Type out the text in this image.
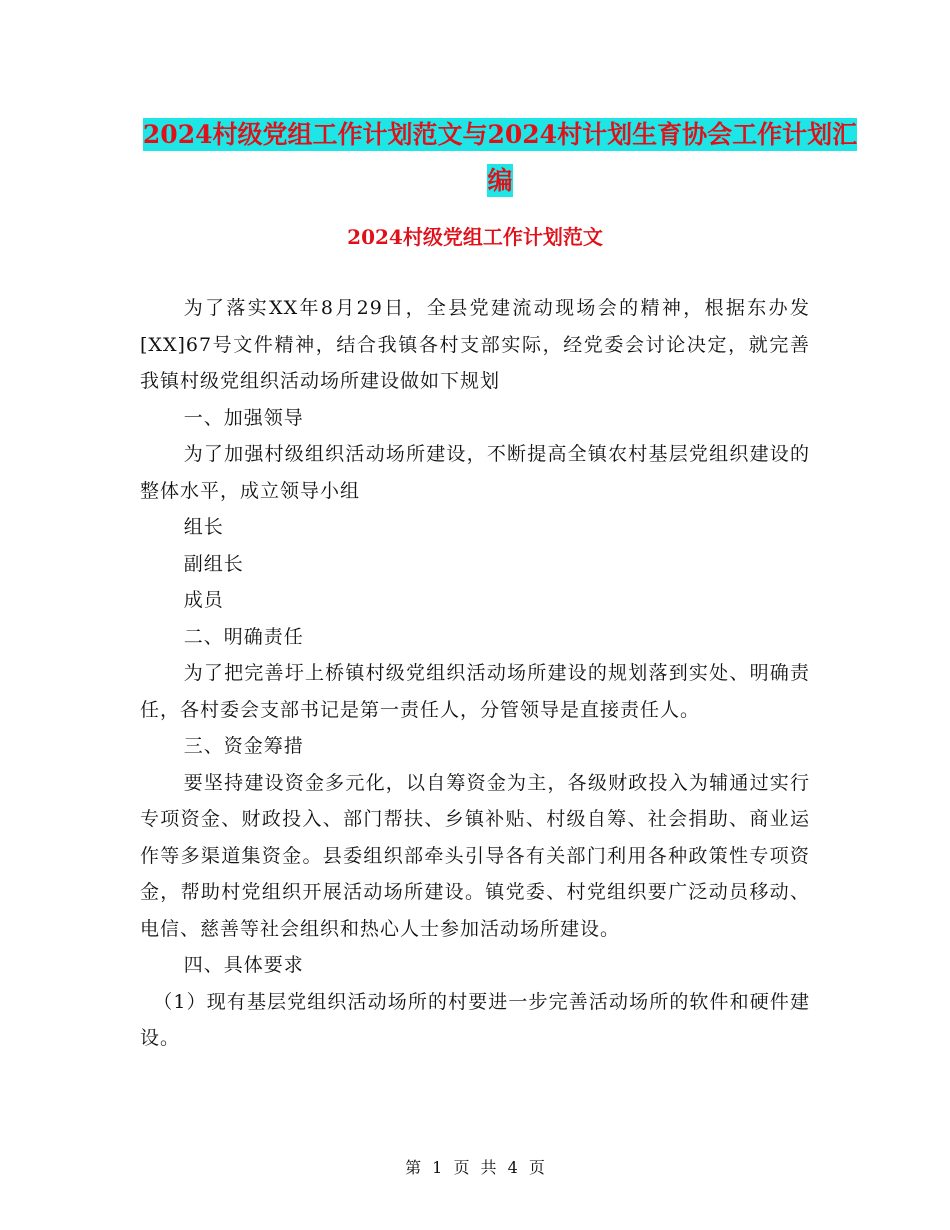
2024村级党组工作计划范文与2024村计划生育协会工作计划汇编
2024村级党组工作计划范文

为了落实XX年8月29日，全县党建流动现场会的精神，根据东办发[XX]67号文件精神，结合我镇各村支部实际，经党委会讨论决定，就完善我镇村级党组织活动场所建设做如下规划

一、加强领导

为了加强村级组织活动场所建设，不断提高全镇农村基层党组织建设的整体水平，成立领导小组

组长

副组长

成员

二、明确责任

为了把完善圩上桥镇村级党组织活动场所建设的规划落到实处、明确责任，各村委会支部书记是第一责任人，分管领导是直接责任人。

三、资金筹措

要坚持建设资金多元化，以自筹资金为主，各级财政投入为辅通过实行专项资金、财政投入、部门帮扶、乡镇补贴、村级自筹、社会捐助、商业运作等多渠道集资金。县委组织部牵头引导各有关部门利用各种政策性专项资金，帮助村党组织开展活动场所建设。镇党委、村党组织要广泛动员移动、电信、慈善等社会组织和热心人士参加活动场所建设。

四、具体要求

（1）现有基层党组织活动场所的村要进一步完善活动场所的软件和硬件建设。

第 1 页 共 4 页
